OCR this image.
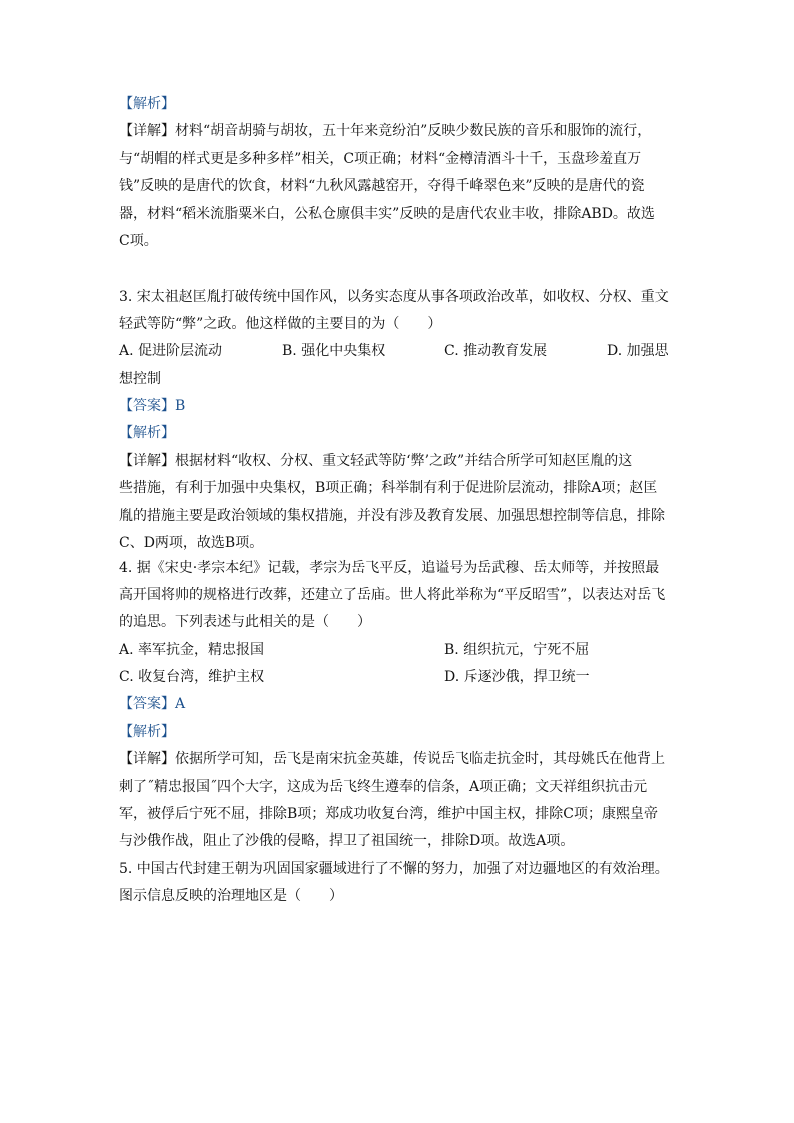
【解析】
【详解】材料“胡音胡骑与胡妆，五十年来竞纷泊”反映少数民族的音乐和服饰的流行，
与“胡帽的样式更是多种多样”相关，C项正确；材料“金樽清酒斗十千，玉盘珍羞直万
钱”反映的是唐代的饮食，材料“九秋风露越窑开，夺得千峰翠色来”反映的是唐代的瓷
器，材料“稻米流脂粟米白，公私仓廪俱丰实”反映的是唐代农业丰收，排除ABD。故选
C项。
3. 宋太祖赵匡胤打破传统中国作风，以务实态度从事各项政治改革，如收权、分权、重文
轻武等防“弊”之政。他这样做的主要目的为（　　）
A. 促进阶层流动	B. 强化中央集权	C. 推动教育发展	D. 加强思
想控制
【答案】B
【解析】
【详解】根据材料“收权、分权、重文轻武等防‘弊’之政”并结合所学可知赵匡胤的这
些措施，有利于加强中央集权，B项正确；科举制有利于促进阶层流动，排除A项；赵匡
胤的措施主要是政治领域的集权措施，并没有涉及教育发展、加强思想控制等信息，排除
C、D两项，故选B项。
4. 据《宋史·孝宗本纪》记载，孝宗为岳飞平反，追谥号为岳武穆、岳太师等，并按照最
高开国将帅的规格进行改葬，还建立了岳庙。世人将此举称为“平反昭雪”，以表达对岳飞
的追思。下列表述与此相关的是（　　）
A. 率军抗金，精忠报国	B. 组织抗元，宁死不屈
C. 收复台湾，维护主权	D. 斥逐沙俄，捍卫统一
【答案】A
【解析】
【详解】依据所学可知，岳飞是南宋抗金英雄，传说岳飞临走抗金时，其母姚氏在他背上
刺了˝精忠报国˝四个大字，这成为岳飞终生遵奉的信条，A项正确；文天祥组织抗击元
军，被俘后宁死不屈，排除B项；郑成功收复台湾，维护中国主权，排除C项；康熙皇帝
与沙俄作战，阻止了沙俄的侵略，捍卫了祖国统一，排除D项。故选A项。
5. 中国古代封建王朝为巩固国家疆域进行了不懈的努力，加强了对边疆地区的有效治理。
图示信息反映的治理地区是（　　）
